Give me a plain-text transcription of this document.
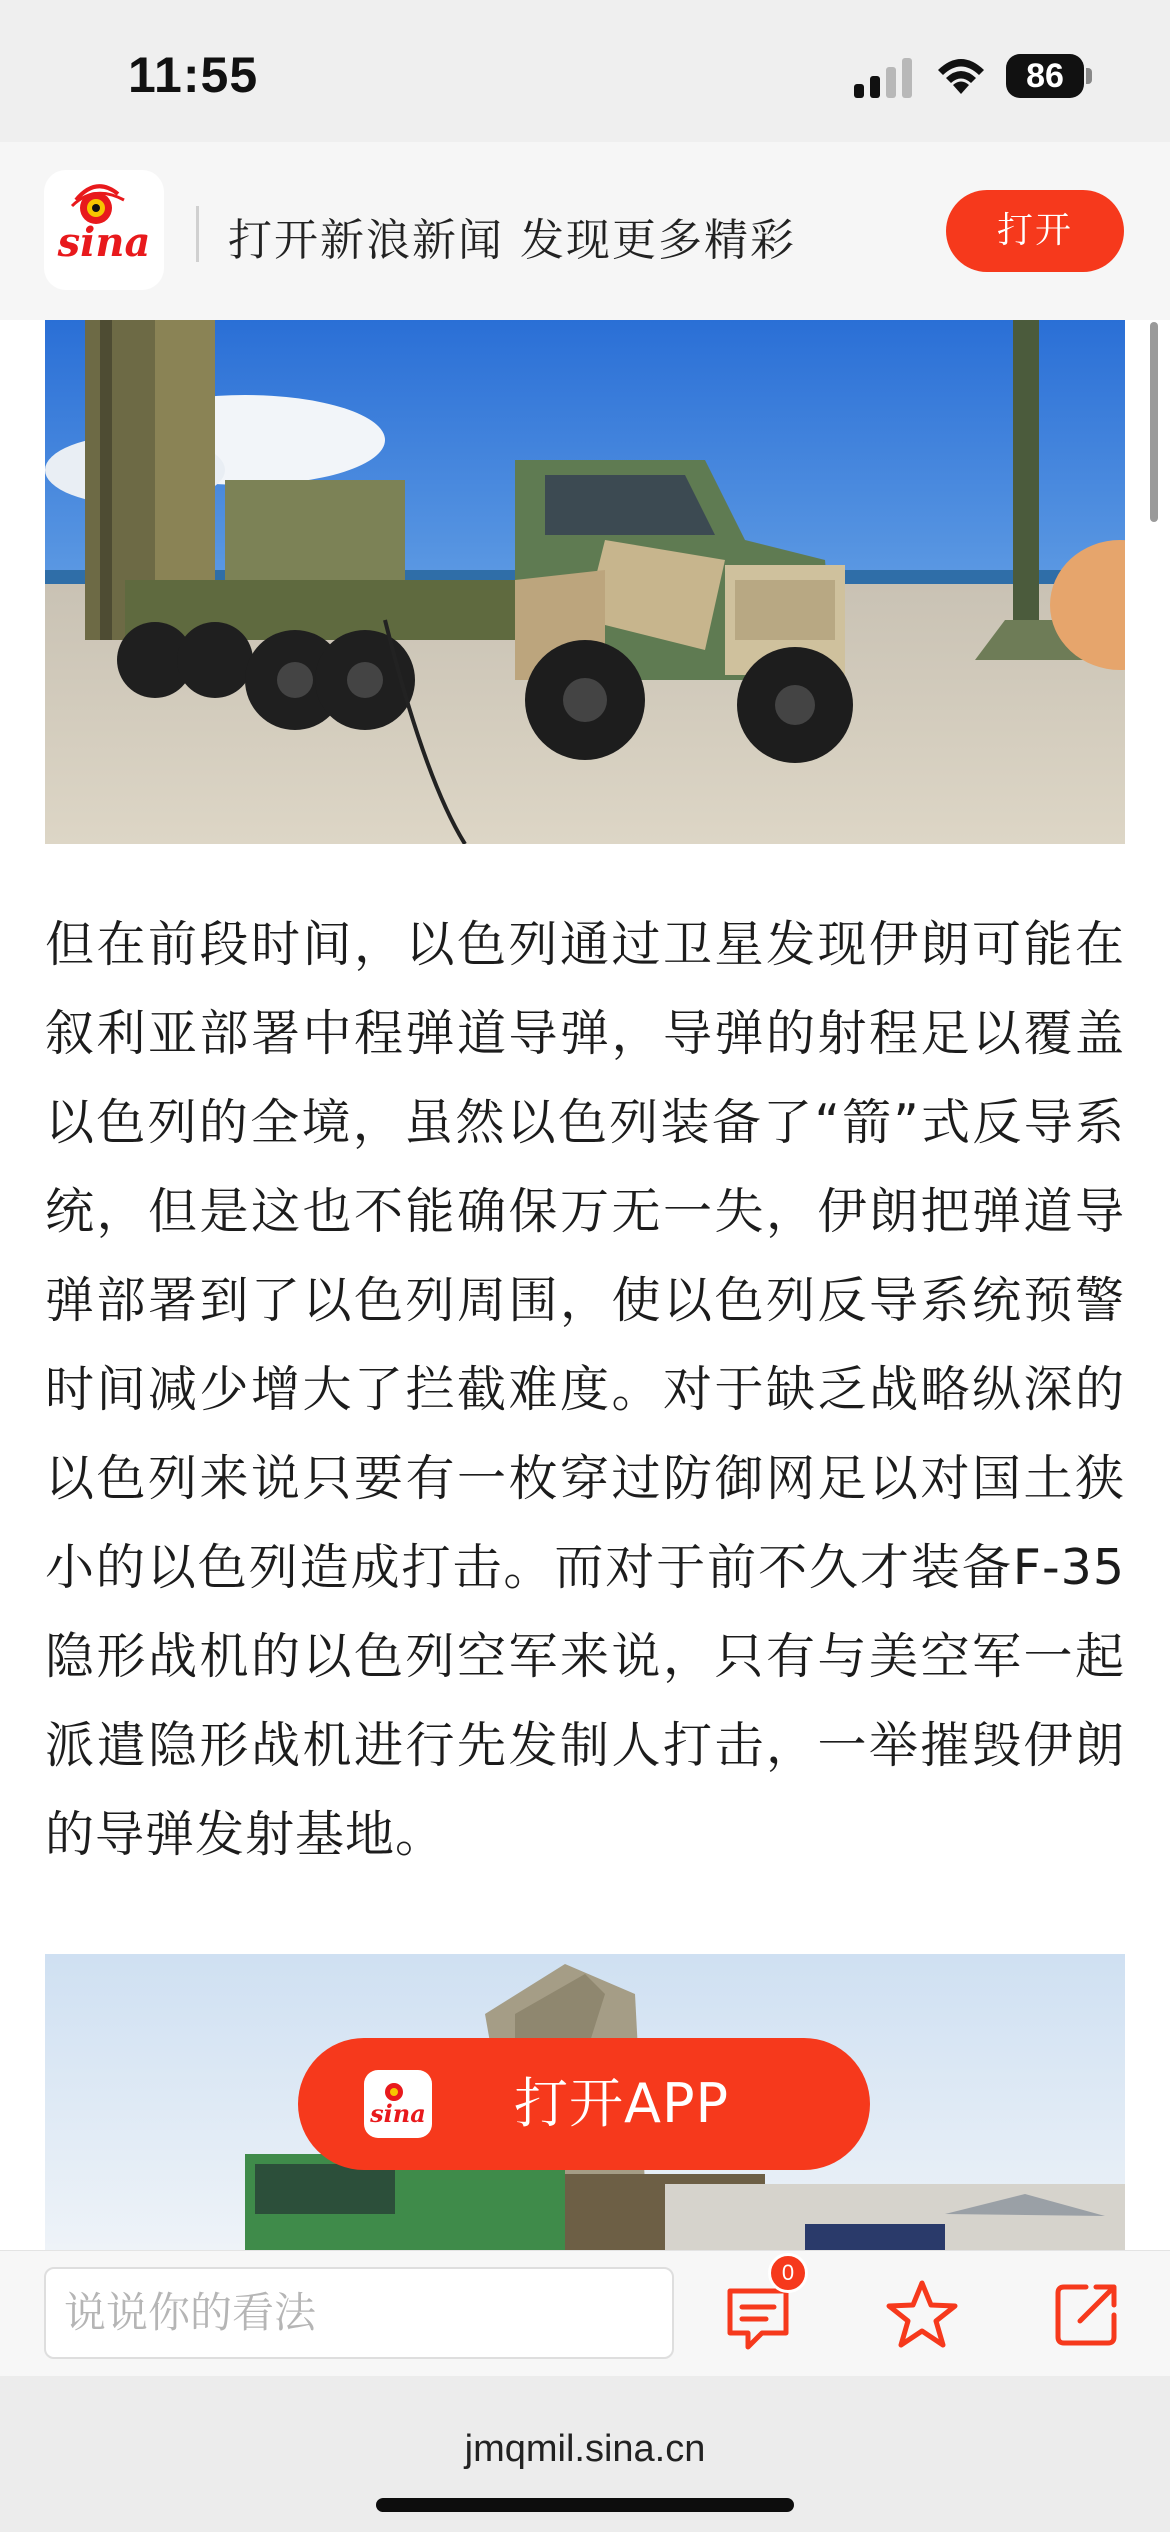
11:55	86
sina 打开新浪新闻 发现更多精彩	打开
但在前段时间，以色列通过卫星发现伊朗可能在叙利亚部署中程弹道导弹，导弹的射程足以覆盖以色列的全境，虽然以色列装备了“箭”式反导系统，但是这也不能确保万无一失，伊朗把弹道导弹部署到了以色列周围，使以色列反导系统预警时间减少增大了拦截难度。对于缺乏战略纵深的以色列来说只要有一枚穿过防御网足以对国土狭小的以色列造成打击。而对于前不久才装备F-35隐形战机的以色列空军来说，只有与美空军一起派遣隐形战机进行先发制人打击，一举摧毁伊朗的导弹发射基地。
sina 打开APP
说说你的看法
0
jmqmil.sina.cn
